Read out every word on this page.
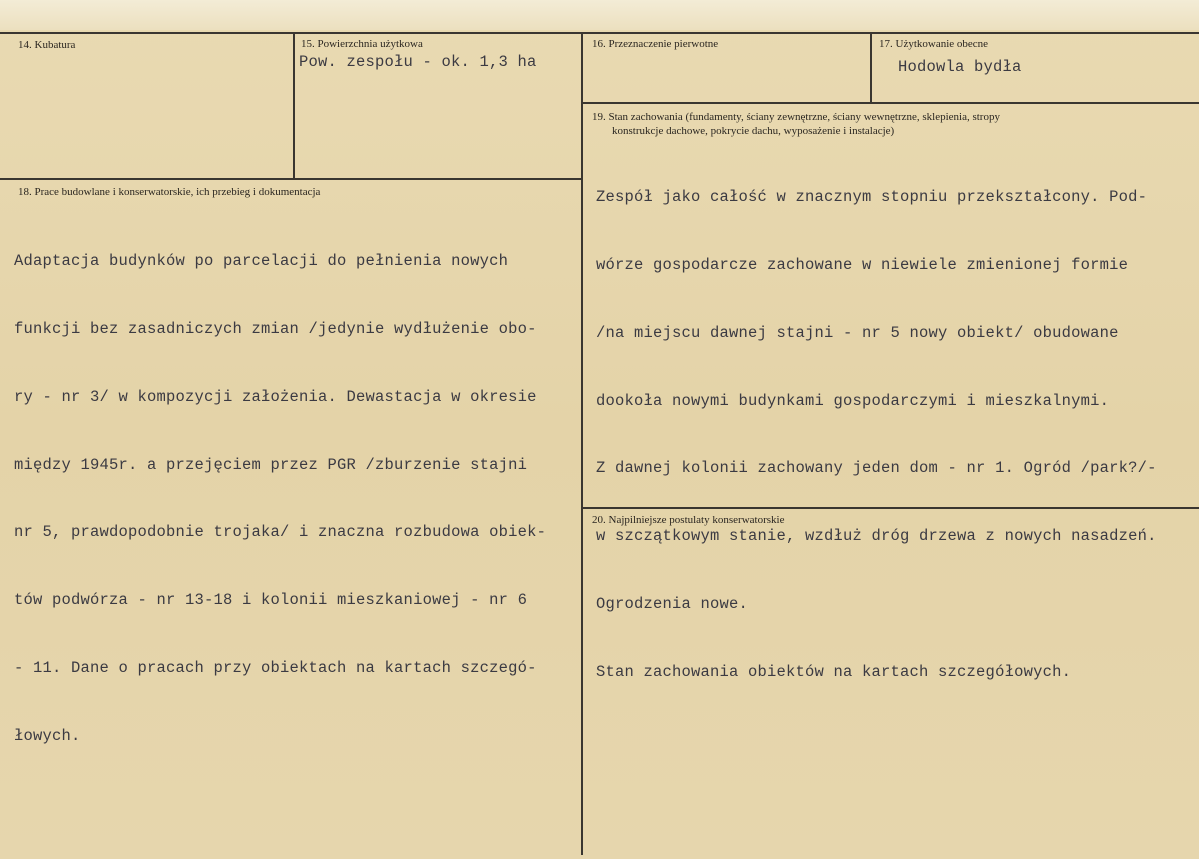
14. Kubatura	15. Powierzchnia użytkowa
Pow. zespołu - ok. 1,3 ha
16. Przeznaczenie pierwotne	17. Użytkowanie obecne
Hodowla bydła
18. Prace budowlane i konserwatorskie, ich przebieg i dokumentacja

Adaptacja budynków po parcelacji do pełnienia nowych

funkcji bez zasadniczych zmian /jedynie wydłużenie obo-

ry - nr 3/ w kompozycji założenia. Dewastacja w okresie

między 1945r. a przejęciem przez PGR /zburzenie stajni

nr 5, prawdopodobnie trojaka/ i znaczna rozbudowa obiek-

tów podwórza - nr 13-18 i kolonii mieszkaniowej - nr 6

- 11. Dane o pracach przy obiektach na kartach szczegó-

łowych.

19. Stan zachowania (fundamenty, ściany zewnętrzne, ściany wewnętrzne, sklepienia, stropy
konstrukcje dachowe, pokrycie dachu, wyposażenie i instalacje)

Zespół jako całość w znacznym stopniu przekształcony. Pod-

wórze gospodarcze zachowane w niewiele zmienionej formie

/na miejscu dawnej stajni - nr 5 nowy obiekt/ obudowane

dookoła nowymi budynkami gospodarczymi i mieszkalnymi.

Z dawnej kolonii zachowany jeden dom - nr 1. Ogród /park?/-

w szczątkowym stanie, wzdłuż dróg drzewa z nowych nasadzeń.

Ogrodzenia nowe.

Stan zachowania obiektów na kartach szczegółowych.

20. Najpilniejsze postulaty konserwatorskie
